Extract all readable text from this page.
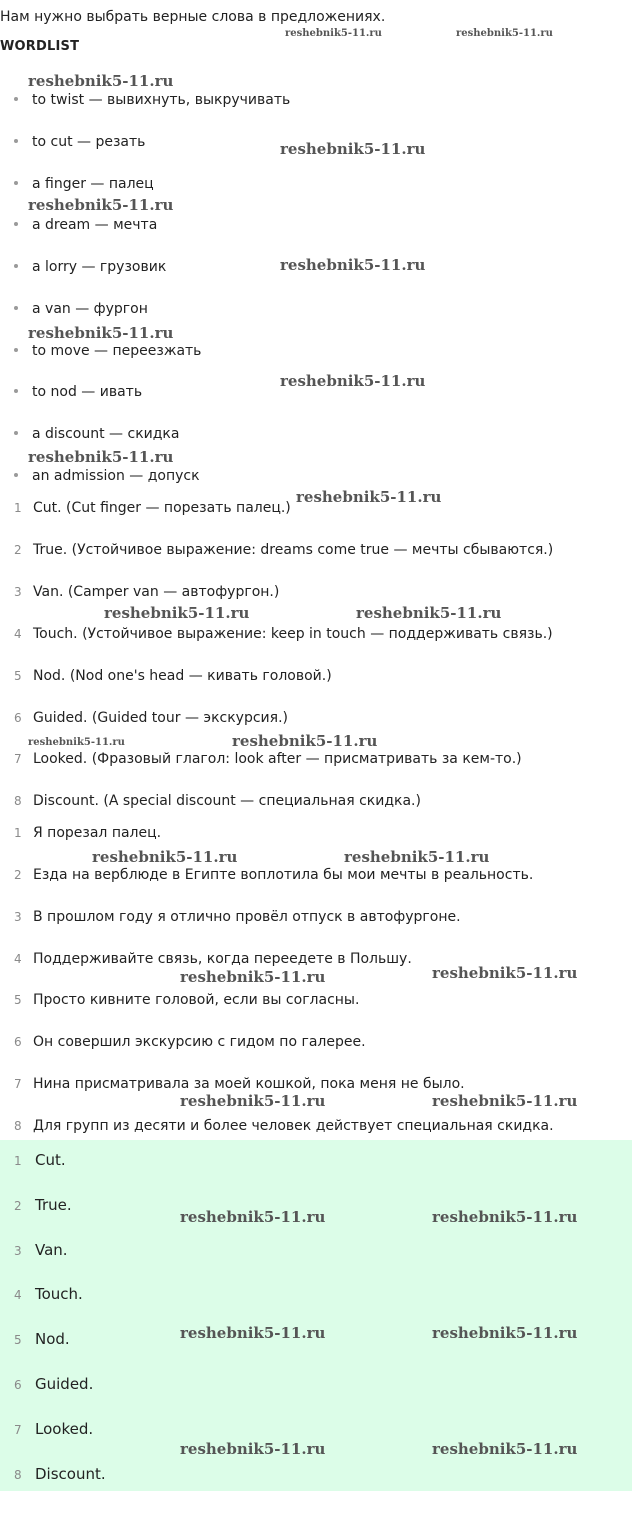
Нам нужно выбрать верные слова в предложениях.
WORDLIST
to twist — вывихнуть, выкручивать
to cut — резать
a finger — палец
a dream — мечта
a lorry — грузовик
a van — фургон
to move — переезжать
to nod — ивать
a discount — скидка
an admission — допуск
1 Cut. (Cut finger — порезать палец.)
2 True. (Устойчивое выражение: dreams come true — мечты сбываются.)
3 Van. (Camper van — автофургон.)
4 Touch. (Устойчивое выражение: keep in touch — поддерживать связь.)
5 Nod. (Nod one's head — кивать головой.)
6 Guided. (Guided tour — экскурсия.)
7 Looked. (Фразовый глагол: look after — присматривать за кем-то.)
8 Discount. (A special discount — специальная скидка.)
1 Я порезал палец.
2 Езда на верблюде в Египте воплотила бы мои мечты в реальность.
3 В прошлом году я отлично провёл отпуск в автофургоне.
4 Поддерживайте связь, когда переедете в Польшу.
5 Просто кивните головой, если вы согласны.
6 Он совершил экскурсию с гидом по галерее.
7 Нина присматривала за моей кошкой, пока меня не было.
8 Для групп из десяти и более человек действует специальная скидка.
1 Cut.
2 True.
3 Van.
4 Touch.
5 Nod.
6 Guided.
7 Looked.
8 Discount.
reshebnik5-11.ru	reshebnik5-11.ru
reshebnik5-11.ru
reshebnik5-11.ru
reshebnik5-11.ru
reshebnik5-11.ru
reshebnik5-11.ru
reshebnik5-11.ru
reshebnik5-11.ru
reshebnik5-11.ru
reshebnik5-11.ru	reshebnik5-11.ru
reshebnik5-11.ru	reshebnik5-11.ru
reshebnik5-11.ru	reshebnik5-11.ru
reshebnik5-11.ru	reshebnik5-11.ru
reshebnik5-11.ru	reshebnik5-11.ru
reshebnik5-11.ru	reshebnik5-11.ru
reshebnik5-11.ru	reshebnik5-11.ru
reshebnik5-11.ru	reshebnik5-11.ru
